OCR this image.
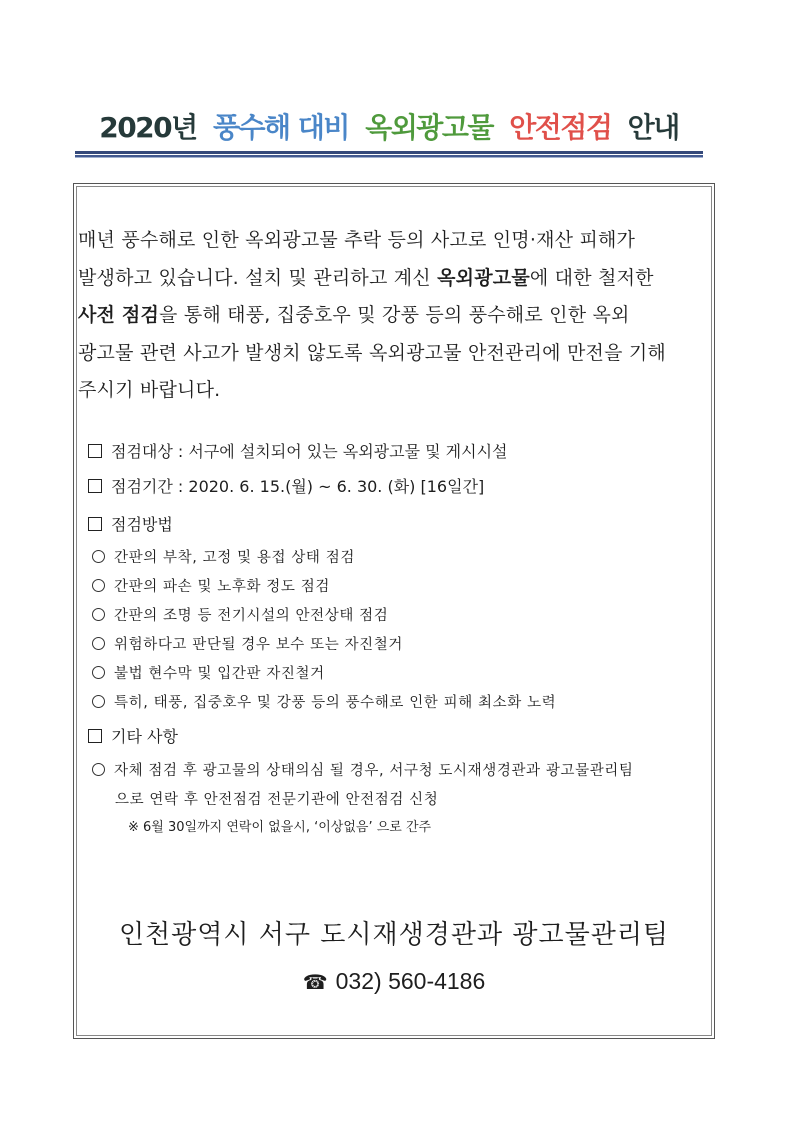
2020년 풍수해 대비 옥외광고물 안전점검 안내
매년 풍수해로 인한 옥외광고물 추락 등의 사고로 인명·재산 피해가
발생하고 있습니다. 설치 및 관리하고 계신 옥외광고물에 대한 철저한
사전 점검을 통해 태풍, 집중호우 및 강풍 등의 풍수해로 인한 옥외
광고물 관련 사고가 발생치 않도록 옥외광고물 안전관리에 만전을 기해
주시기 바랍니다.
점검대상 : 서구에 설치되어 있는 옥외광고물 및 게시시설
점검기간 : 2020. 6. 15.(월) ~ 6. 30. (화) [16일간]
점검방법
간판의 부착, 고정 및 용접 상태 점검
간판의 파손 및 노후화 정도 점검
간판의 조명 등 전기시설의 안전상태 점검
위험하다고 판단될 경우 보수 또는 자진철거
불법 현수막 및 입간판 자진철거
특히, 태풍, 집중호우 및 강풍 등의 풍수해로 인한 피해 최소화 노력
기타 사항
자체 점검 후 광고물의 상태의심 될 경우, 서구청 도시재생경관과 광고물관리팀
으로 연락 후 안전점검 전문기관에 안전점검 신청
※ 6월 30일까지 연락이 없을시, ‘이상없음’ 으로 간주
인천광역시 서구 도시재생경관과 광고물관리팀
☎ 032) 560-4186
